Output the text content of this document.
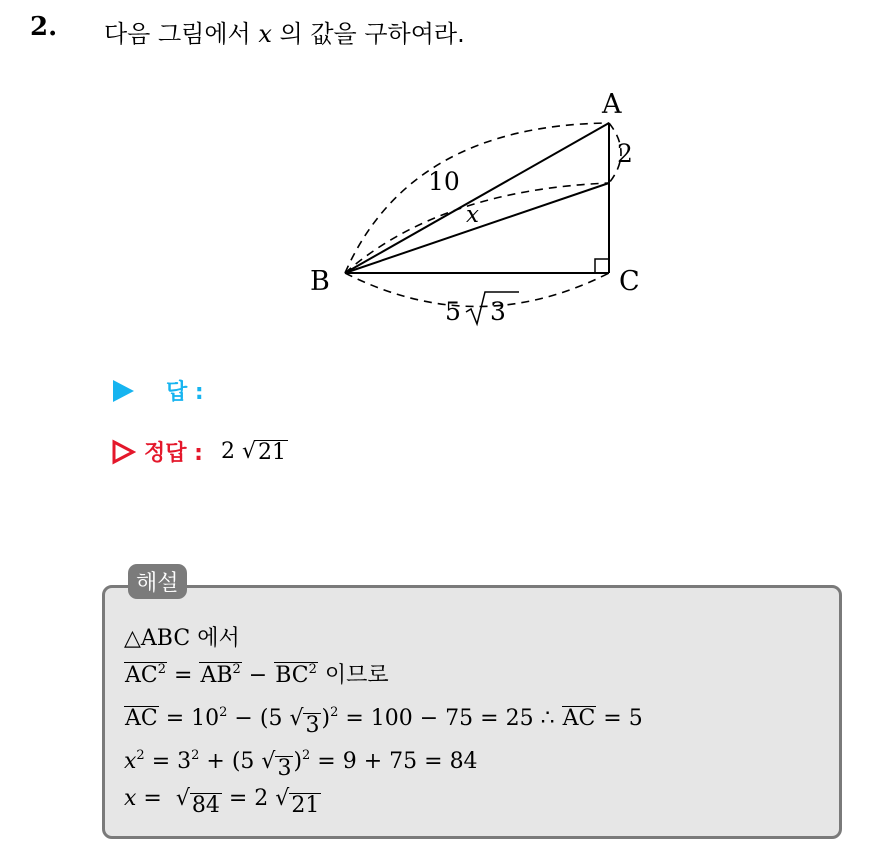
2. 다음 그림에서 x 의 값을 구하여라.
A
B	C
10
2
x
5 3
답 :
정답 : 2
√ 21
해설
△ABC 에서
$AC^2 = AB^2 - BC^2$ 이므로
AC = $10^2 - (5$ √ 3 )$^2$ = 100 − 75 = 25 ∴ AC = 5
$x^2 = 3^2 + (5$ √ 3 )$^2$ = 9 + 75 = 84
x = √ 84 = 2 √ 21
